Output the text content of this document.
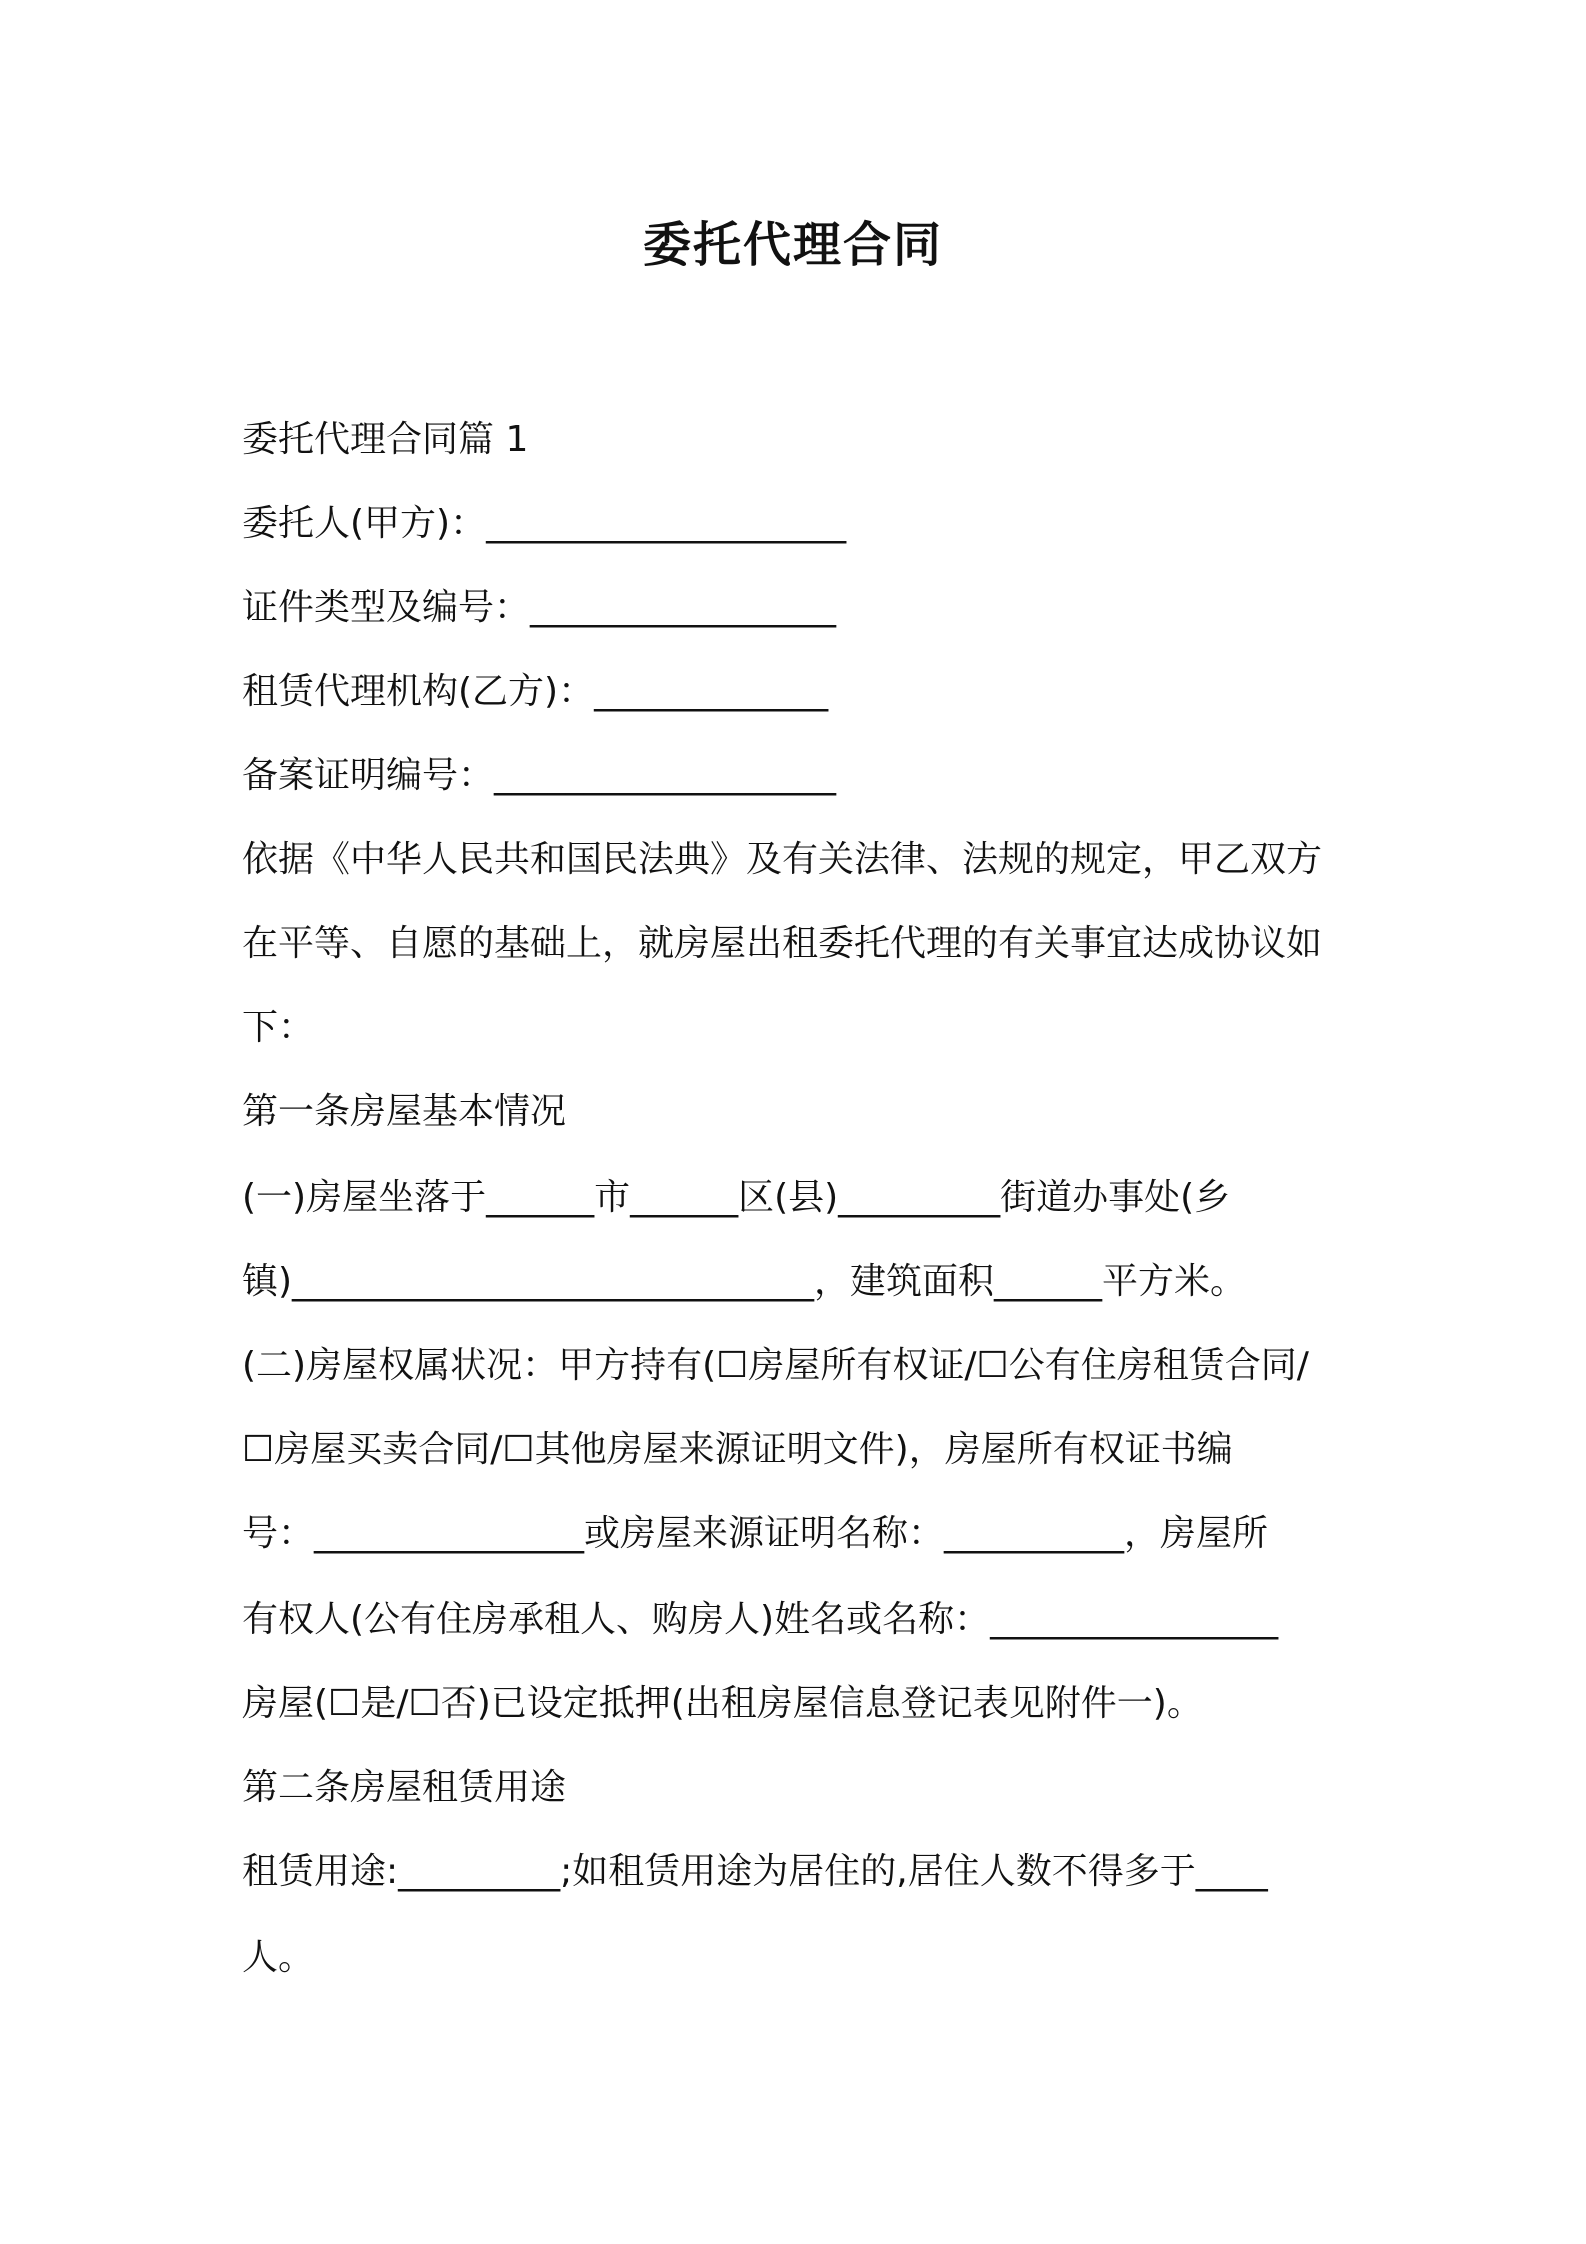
委托代理合同
委托代理合同篇 1
委托人(甲方)：____________________
证件类型及编号：_________________
租赁代理机构(乙方)：_____________
备案证明编号：___________________
依据《中华人民共和国民法典》及有关法律、法规的规定，甲乙双方
在平等、自愿的基础上，就房屋出租委托代理的有关事宜达成协议如
下：
第一条房屋基本情况
(一)房屋坐落于______市______区(县)_________街道办事处(乡
镇)_____________________________，建筑面积______平方米。
(二)房屋权属状况：甲方持有(☐房屋所有权证/☐公有住房租赁合同/
☐房屋买卖合同/☐其他房屋来源证明文件)，房屋所有权证书编
号：_______________或房屋来源证明名称：__________，房屋所
有权人(公有住房承租人、购房人)姓名或名称：________________
房屋(☐是/☐否)已设定抵押(出租房屋信息登记表见附件一)。
第二条房屋租赁用途
租赁用途:_________;如租赁用途为居住的,居住人数不得多于____
人。
